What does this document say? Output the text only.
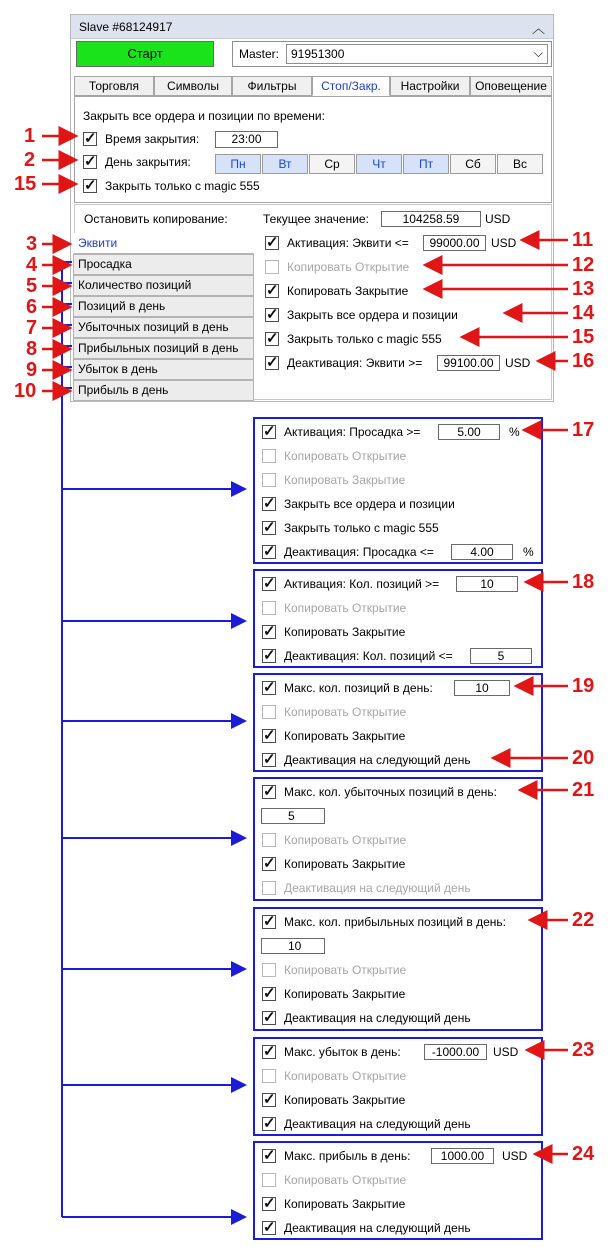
Slave #68124917	︿
Старт	Master: 91951300	⌵
Торговля	Символы	Фильтры	Стоп/Закр.	Настройки	Оповещение
Закрыть все ордера и позиции по времени:
✓
Время закрытия:	23:00
✓
День закрытия:	Пн	Вт	Ср	Чт	Пт	Сб	Вс
✓
Закрыть только с magic 555
Остановить копирование:	Текущее значение:	104258.59	USD
✓
Активация: Эквити <=	99000.00 USD
Копировать Открытие
✓
Копировать Закрытие
✓
Закрыть все ордера и позиции
✓
Закрыть только с magic 555
✓
Деактивация: Эквити >=	99100.00 USD
Эквити
Просадка
Количество позиций
Позиций в день
Убыточных позиций в день
Прибыльных позиций в день
Убыток в день
Прибыль в день
✓
Активация: Просадка >=	5.00	%
Копировать Открытие
Копировать Закрытие
✓
Закрыть все ордера и позиции
✓
Закрыть только с magic 555
✓
Деактивация: Просадка <=	4.00	%
✓
Активация: Кол. позиций >=	10
Копировать Открытие
✓
Копировать Закрытие
✓
Деактивация: Кол. позиций <=	5
✓
Макс. кол. позиций в день:	10
Копировать Открытие
✓
Копировать Закрытие
✓
Деактивация на следующий день
✓
Макс. кол. убыточных позиций в день:
5
Копировать Открытие
✓
Копировать Закрытие
Деактивация на следующий день
✓
Макс. кол. прибыльных позиций в день:
10
Копировать Открытие
✓
Копировать Закрытие
✓
Деактивация на следующий день
✓
Макс. убыток в день:	-1000.00	USD
Копировать Открытие
✓
Копировать Закрытие
✓
Деактивация на следующий день
✓
Макс. прибыль в день:	1000.00	USD
Копировать Открытие
✓
Копировать Закрытие
✓
Деактивация на следующий день
1
2
15
3
4
5
6
7
8
9
10
11
12
13
14
15
16
17
18
19
20
21
22
23
24
